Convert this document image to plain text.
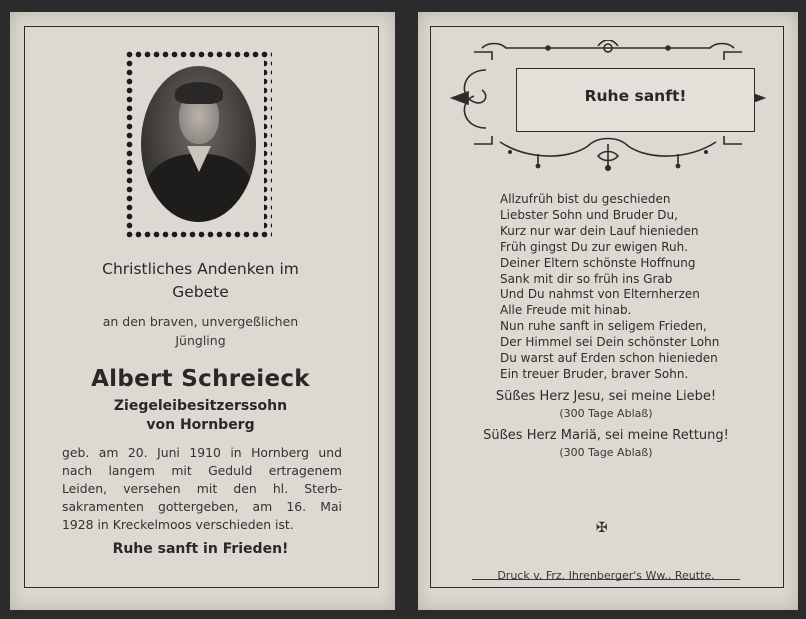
Christliches Andenken im
Gebete
an den braven, unvergeßlichen
Jüngling
Albert Schreieck
Ziegeleibesitzerssohn
von Hornberg
geb. am 20. Juni 1910 in Hornberg und
nach langem mit Geduld ertragenem
Leiden, versehen mit den hl. Sterb-
sakramenten gottergeben, am 16. Mai
1928 in Kreckelmoos verschieden ist.
Ruhe sanft in Frieden!
Ruhe sanft!
Allzufrüh bist du geschieden
Liebster Sohn und Bruder Du,
Kurz nur war dein Lauf hienieden
Früh gingst Du zur ewigen Ruh.
Deiner Eltern schönste Hoffnung
Sank mit dir so früh ins Grab
Und Du nahmst von Elternherzen
Alle Freude mit hinab.
Nun ruhe sanft in seligem Frieden,
Der Himmel sei Dein schönster Lohn
Du warst auf Erden schon hienieden
Ein treuer Bruder, braver Sohn.
Süßes Herz Jesu, sei meine Liebe!
(300 Tage Ablaß)
Süßes Herz Mariä, sei meine Rettung!
(300 Tage Ablaß)
✠
Druck v. Frz. Ihrenberger's Ww., Reutte.
